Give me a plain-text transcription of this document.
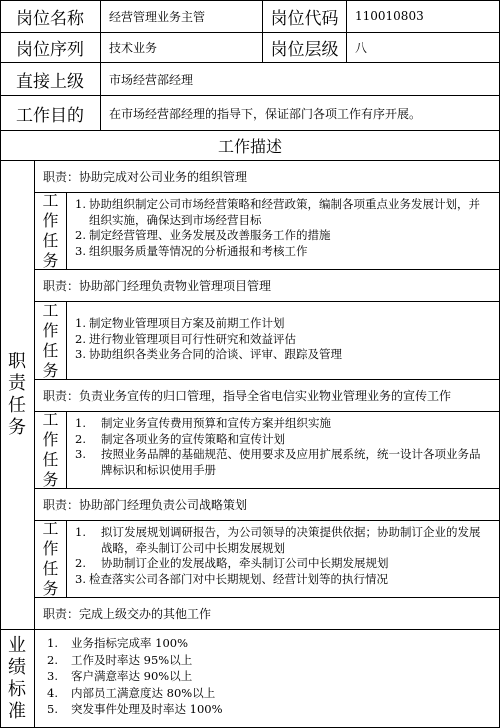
岗位名称	经营管理业务主管	岗位代码	110010803
岗位序列	技术业务	岗位层级	八
直接上级	市场经营部经理
工作目的	在市场经营部经理的指导下，保证部门各项工作有序开展。
工作描述
职责任务
职责：协助完成对公司业务的组织管理
工作任务
1. 协助组织制定公司市场经营策略和经营政策，编制各项重点业务发展计划，并组织实施，确保达到市场经营目标
2. 制定经营管理、业务发展及改善服务工作的措施
3. 组织服务质量等情况的分析通报和考核工作
职责：协助部门经理负责物业管理项目管理
工作任务
1. 制定物业管理项目方案及前期工作计划
2. 进行物业管理项目可行性研究和效益评估
3. 协助组织各类业务合同的洽谈、评审、跟踪及管理
职责：负责业务宣传的归口管理，指导全省电信实业物业管理业务的宣传工作
工作任务
1.	制定业务宣传费用预算和宣传方案并组织实施
2.	制定各项业务的宣传策略和宣传计划
3.	按照业务品牌的基础规范、使用要求及应用扩展系统，统一设计各项业务品牌标识和标识使用手册
职责：协助部门经理负责公司战略策划
工作任务
1.	拟订发展规划调研报告，为公司领导的决策提供依据；协助制订企业的发展战略，牵头制订公司中长期发展规划
2.	协助制订企业的发展战略，牵头制订公司中长期发展规划
3. 检查落实公司各部门对中长期规划、经营计划等的执行情况
职责：完成上级交办的其他工作
业绩标准
1.	业务指标完成率 100%
2.	工作及时率达 95%以上
3.	客户满意率达 90%以上
4.	内部员工满意度达 80%以上
5.	突发事件处理及时率达 100%
